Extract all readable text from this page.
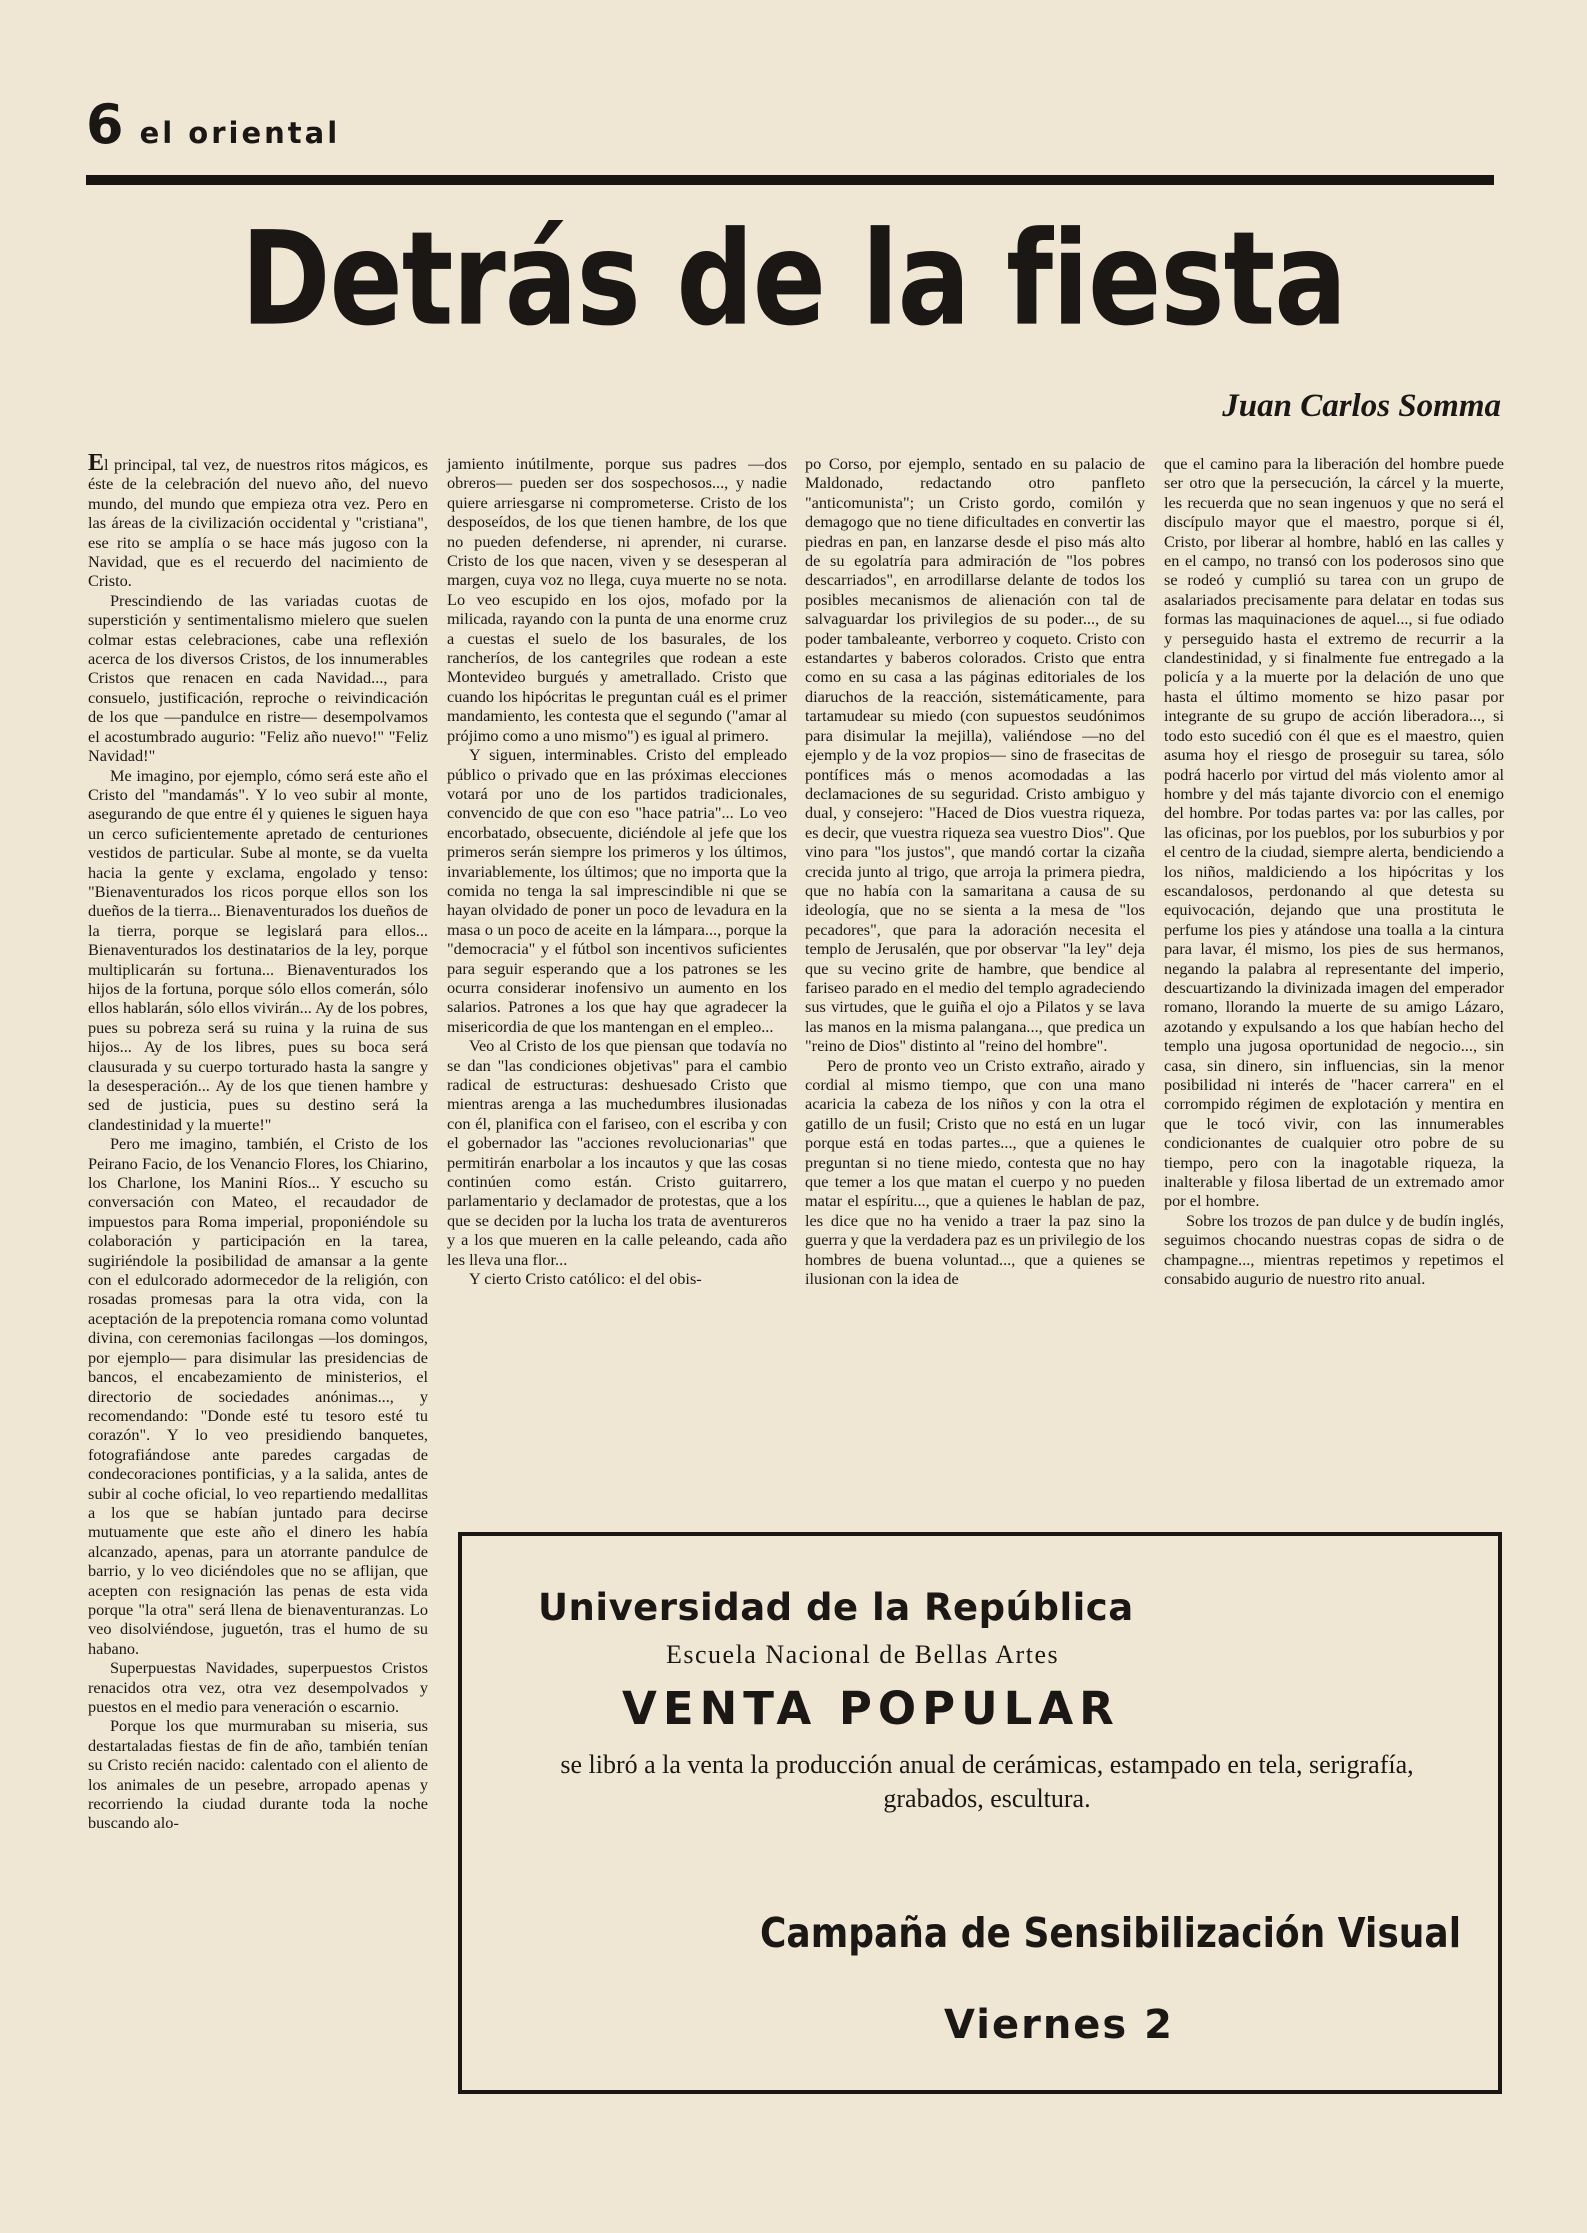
6 el oriental
Detrás de la fiesta
Juan Carlos Somma

El principal, tal vez, de nuestros ritos mágicos, es éste de la celebración del nuevo año, del nuevo mundo, del mundo que empieza otra vez. Pero en las áreas de la civilización occidental y "cristiana", ese rito se amplía o se hace más jugoso con la Navidad, que es el recuerdo del nacimiento de Cristo.

Prescindiendo de las variadas cuotas de superstición y sentimentalismo mielero que suelen colmar estas celebraciones, cabe una reflexión acerca de los diversos Cristos, de los innumerables Cristos que renacen en cada Navidad..., para consuelo, justificación, reproche o reivindicación de los que —pandulce en ristre— desempolvamos el acostumbrado augurio: "Feliz año nuevo!" "Feliz Navidad!"

Me imagino, por ejemplo, cómo será este año el Cristo del "mandamás". Y lo veo subir al monte, asegurando de que entre él y quienes le siguen haya un cerco suficientemente apretado de centuriones vestidos de particular. Sube al monte, se da vuelta hacia la gente y exclama, engolado y tenso: "Bienaventurados los ricos porque ellos son los dueños de la tierra... Bienaventurados los dueños de la tierra, porque se legislará para ellos... Bienaventurados los destinatarios de la ley, porque multiplicarán su fortuna... Bienaventurados los hijos de la fortuna, porque sólo ellos comerán, sólo ellos hablarán, sólo ellos vivirán... Ay de los pobres, pues su pobreza será su ruina y la ruina de sus hijos... Ay de los libres, pues su boca será clausurada y su cuerpo torturado hasta la sangre y la desesperación... Ay de los que tienen hambre y sed de justicia, pues su destino será la clandestinidad y la muerte!"

Pero me imagino, también, el Cristo de los Peirano Facio, de los Venancio Flores, los Chiarino, los Charlone, los Manini Ríos... Y escucho su conversación con Mateo, el recaudador de impuestos para Roma imperial, proponiéndole su colaboración y participación en la tarea, sugiriéndole la posibilidad de amansar a la gente con el edulcorado adormecedor de la religión, con rosadas promesas para la otra vida, con la aceptación de la prepotencia romana como voluntad divina, con ceremonias facilongas —los domingos, por ejemplo— para disimular las presidencias de bancos, el encabezamiento de ministerios, el directorio de sociedades anónimas..., y recomendando: "Donde esté tu tesoro esté tu corazón". Y lo veo presidiendo banquetes, fotografiándose ante paredes cargadas de condecoraciones pontificias, y a la salida, antes de subir al coche oficial, lo veo repartiendo medallitas a los que se habían juntado para decirse mutuamente que este año el dinero les había alcanzado, apenas, para un atorrante pandulce de barrio, y lo veo diciéndoles que no se aflijan, que acepten con resignación las penas de esta vida porque "la otra" será llena de bienaventuranzas. Lo veo disolviéndose, juguetón, tras el humo de su habano.

Superpuestas Navidades, superpuestos Cristos renacidos otra vez, otra vez desempolvados y puestos en el medio para veneración o escarnio.

Porque los que murmuraban su miseria, sus destartaladas fiestas de fin de año, también tenían su Cristo recién nacido: calentado con el aliento de los animales de un pesebre, arropado apenas y recorriendo la ciudad durante toda la noche buscando alo-

jamiento inútilmente, porque sus padres —dos obreros— pueden ser dos sospechosos..., y nadie quiere arriesgarse ni comprometerse. Cristo de los desposeídos, de los que tienen hambre, de los que no pueden defenderse, ni aprender, ni curarse. Cristo de los que nacen, viven y se desesperan al margen, cuya voz no llega, cuya muerte no se nota. Lo veo escupido en los ojos, mofado por la milicada, rayando con la punta de una enorme cruz a cuestas el suelo de los basurales, de los rancheríos, de los cantegriles que rodean a este Montevideo burgués y ametrallado. Cristo que cuando los hipócritas le preguntan cuál es el primer mandamiento, les contesta que el segundo ("amar al prójimo como a uno mismo") es igual al primero.

Y siguen, interminables. Cristo del empleado público o privado que en las próximas elecciones votará por uno de los partidos tradicionales, convencido de que con eso "hace patria"... Lo veo encorbatado, obsecuente, diciéndole al jefe que los primeros serán siempre los primeros y los últimos, invariablemente, los últimos; que no importa que la comida no tenga la sal imprescindible ni que se hayan olvidado de poner un poco de levadura en la masa o un poco de aceite en la lámpara..., porque la "democracia" y el fútbol son incentivos suficientes para seguir esperando que a los patrones se les ocurra considerar inofensivo un aumento en los salarios. Patrones a los que hay que agradecer la misericordia de que los mantengan en el empleo...

Veo al Cristo de los que piensan que todavía no se dan "las condiciones objetivas" para el cambio radical de estructuras: deshuesado Cristo que mientras arenga a las muchedumbres ilusionadas con él, planifica con el fariseo, con el escriba y con el gobernador las "acciones revolucionarias" que permitirán enarbolar a los incautos y que las cosas continúen como están. Cristo guitarrero, parlamentario y declamador de protestas, que a los que se deciden por la lucha los trata de aventureros y a los que mueren en la calle peleando, cada año les lleva una flor...

Y cierto Cristo católico: el del obis-

po Corso, por ejemplo, sentado en su palacio de Maldonado, redactando otro panfleto "anticomunista"; un Cristo gordo, comilón y demagogo que no tiene dificultades en convertir las piedras en pan, en lanzarse desde el piso más alto de su egolatría para admiración de "los pobres descarriados", en arrodillarse delante de todos los posibles mecanismos de alienación con tal de salvaguardar los privilegios de su poder..., de su poder tambaleante, verborreo y coqueto. Cristo con estandartes y baberos colorados. Cristo que entra como en su casa a las páginas editoriales de los diaruchos de la reacción, sistemáticamente, para tartamudear su miedo (con supuestos seudónimos para disimular la mejilla), valiéndose —no del ejemplo y de la voz propios— sino de frasecitas de pontífices más o menos acomodadas a las declamaciones de su seguridad. Cristo ambiguo y dual, y consejero: "Haced de Dios vuestra riqueza, es decir, que vuestra riqueza sea vuestro Dios". Que vino para "los justos", que mandó cortar la cizaña crecida junto al trigo, que arroja la primera piedra, que no había con la samaritana a causa de su ideología, que no se sienta a la mesa de "los pecadores", que para la adoración necesita el templo de Jerusalén, que por observar "la ley" deja que su vecino grite de hambre, que bendice al fariseo parado en el medio del templo agradeciendo sus virtudes, que le guiña el ojo a Pilatos y se lava las manos en la misma palangana..., que predica un "reino de Dios" distinto al "reino del hombre".

Pero de pronto veo un Cristo extraño, airado y cordial al mismo tiempo, que con una mano acaricia la cabeza de los niños y con la otra el gatillo de un fusil; Cristo que no está en un lugar porque está en todas partes..., que a quienes le preguntan si no tiene miedo, contesta que no hay que temer a los que matan el cuerpo y no pueden matar el espíritu..., que a quienes le hablan de paz, les dice que no ha venido a traer la paz sino la guerra y que la verdadera paz es un privilegio de los hombres de buena voluntad..., que a quienes se ilusionan con la idea de

que el camino para la liberación del hombre puede ser otro que la persecución, la cárcel y la muerte, les recuerda que no sean ingenuos y que no será el discípulo mayor que el maestro, porque si él, Cristo, por liberar al hombre, habló en las calles y en el campo, no transó con los poderosos sino que se rodeó y cumplió su tarea con un grupo de asalariados precisamente para delatar en todas sus formas las maquinaciones de aquel..., si fue odiado y perseguido hasta el extremo de recurrir a la clandestinidad, y si finalmente fue entregado a la policía y a la muerte por la delación de uno que hasta el último momento se hizo pasar por integrante de su grupo de acción liberadora..., si todo esto sucedió con él que es el maestro, quien asuma hoy el riesgo de proseguir su tarea, sólo podrá hacerlo por virtud del más violento amor al hombre y del más tajante divorcio con el enemigo del hombre. Por todas partes va: por las calles, por las oficinas, por los pueblos, por los suburbios y por el centro de la ciudad, siempre alerta, bendiciendo a los niños, maldiciendo a los hipócritas y los escandalosos, perdonando al que detesta su equivocación, dejando que una prostituta le perfume los pies y atándose una toalla a la cintura para lavar, él mismo, los pies de sus hermanos, negando la palabra al representante del imperio, descuartizando la divinizada imagen del emperador romano, llorando la muerte de su amigo Lázaro, azotando y expulsando a los que habían hecho del templo una jugosa oportunidad de negocio..., sin casa, sin dinero, sin influencias, sin la menor posibilidad ni interés de "hacer carrera" en el corrompido régimen de explotación y mentira en que le tocó vivir, con las innumerables condicionantes de cualquier otro pobre de su tiempo, pero con la inagotable riqueza, la inalterable y filosa libertad de un extremado amor por el hombre.

Sobre los trozos de pan dulce y de budín inglés, seguimos chocando nuestras copas de sidra o de champagne..., mientras repetimos y repetimos el consabido augurio de nuestro rito anual.

Universidad de la República
Escuela Nacional de Bellas Artes
VENTA POPULAR
se libró a la venta la producción anual de cerámicas, estampado en tela, serigrafía, grabados, escultura.
Campaña de Sensibilización Visual
Viernes 2
